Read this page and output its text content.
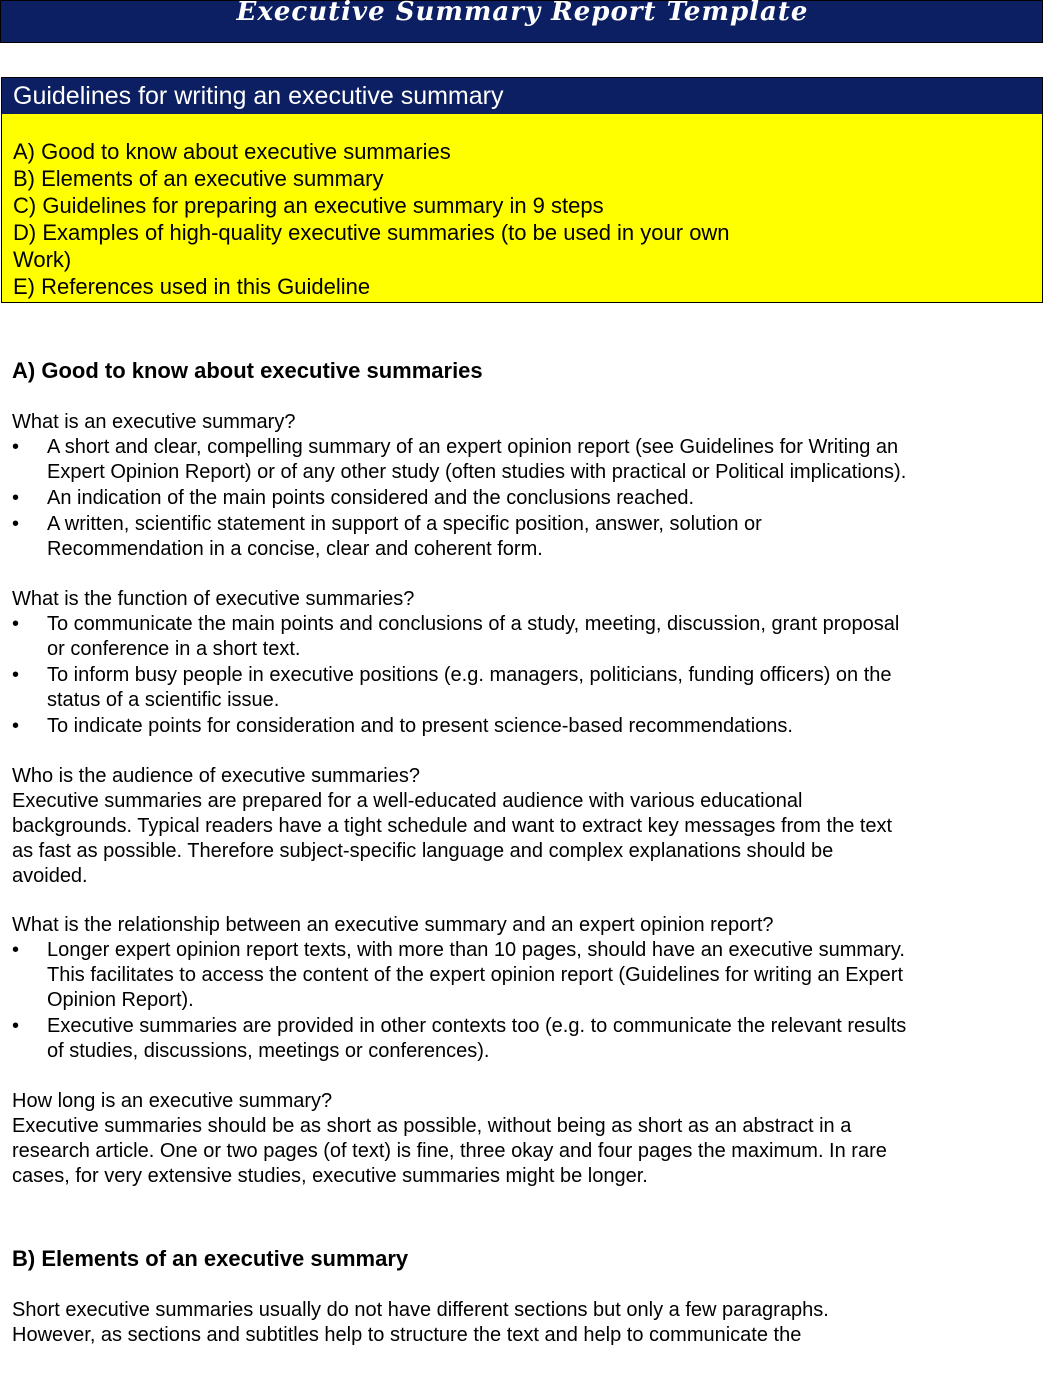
Executive Summary Report Template
Guidelines for writing an executive summary
A) Good to know about executive summaries
B) Elements of an executive summary
C) Guidelines for preparing an executive summary in 9 steps
D) Examples of high-quality executive summaries (to be used in your own Work)
E) References used in this Guideline
A) Good to know about executive summaries

What is an executive summary?

• A short and clear, compelling summary of an expert opinion report (see Guidelines for Writing an Expert Opinion Report) or of any other study (often studies with practical or Political implications).
• An indication of the main points considered and the conclusions reached.
• A written, scientific statement in support of a specific position, answer, solution or Recommendation in a concise, clear and coherent form.

What is the function of executive summaries?

• To communicate the main points and conclusions of a study, meeting, discussion, grant proposal or conference in a short text.
• To inform busy people in executive positions (e.g. managers, politicians, funding officers) on the status of a scientific issue.
• To indicate points for consideration and to present science-based recommendations.

Who is the audience of executive summaries?

Executive summaries are prepared for a well-educated audience with various educational backgrounds. Typical readers have a tight schedule and want to extract key messages from the text as fast as possible. Therefore subject-specific language and complex explanations should be avoided.

What is the relationship between an executive summary and an expert opinion report?

• Longer expert opinion report texts, with more than 10 pages, should have an executive summary. This facilitates to access the content of the expert opinion report (Guidelines for writing an Expert Opinion Report).
• Executive summaries are provided in other contexts too (e.g. to communicate the relevant results of studies, discussions, meetings or conferences).

How long is an executive summary?

Executive summaries should be as short as possible, without being as short as an abstract in a research article. One or two pages (of text) is fine, three okay and four pages the maximum. In rare cases, for very extensive studies, executive summaries might be longer.

B) Elements of an executive summary

Short executive summaries usually do not have different sections but only a few paragraphs. However, as sections and subtitles help to structure the text and help to communicate the
